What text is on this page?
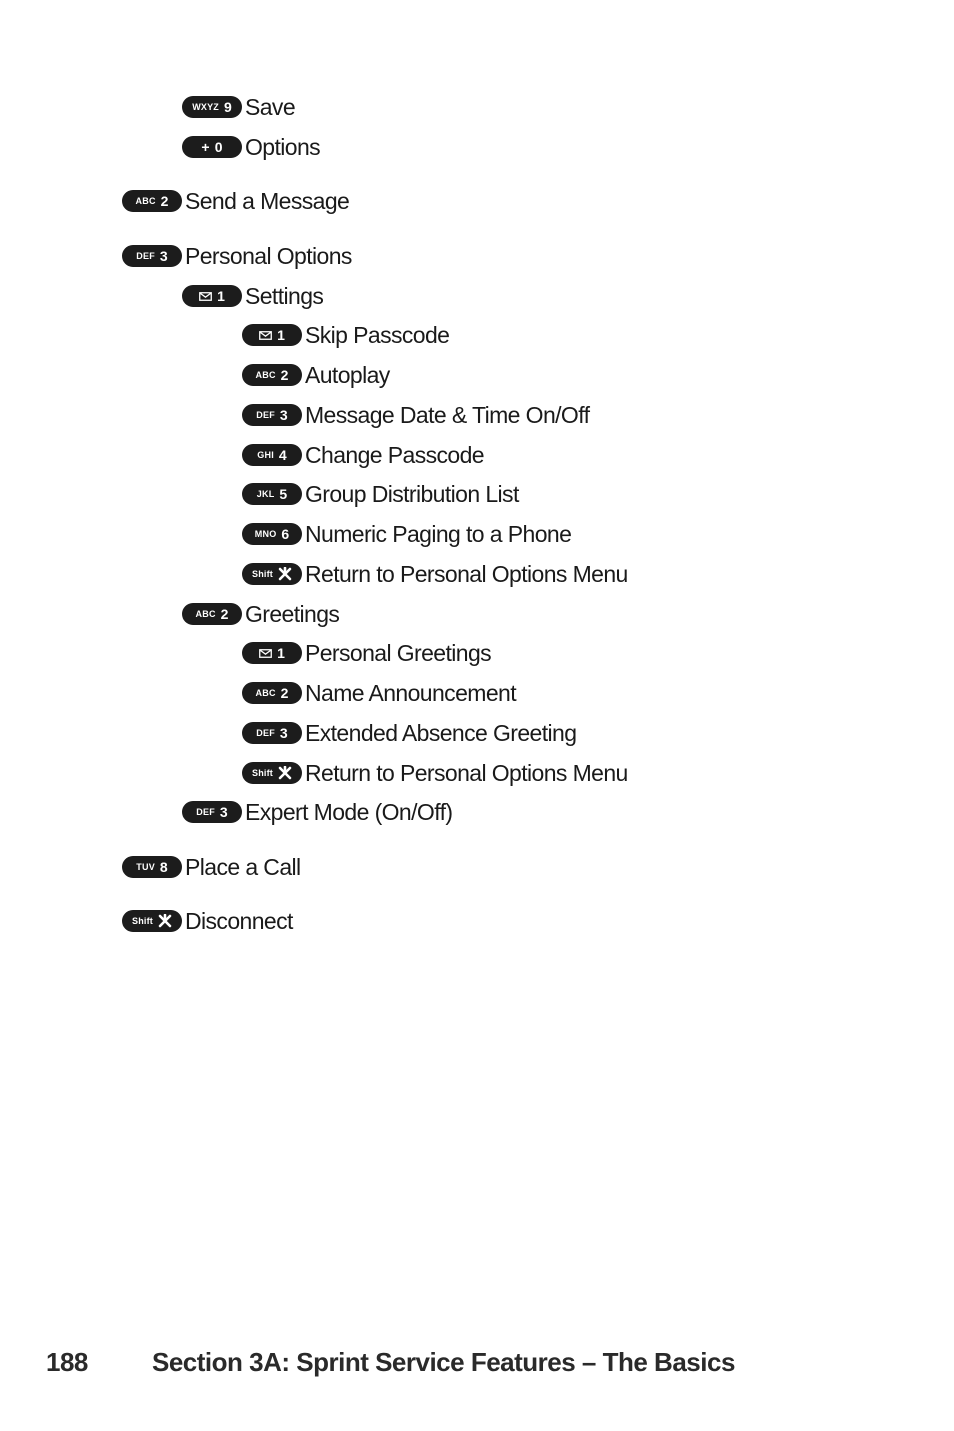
WXYZ 9 Save
+ 0 Options
ABC 2 Send a Message
DEF 3 Personal Options
1 Settings
1 Skip Passcode
ABC 2 Autoplay
DEF 3 Message Date & Time On/Off
GHI 4 Change Passcode
JKL 5 Group Distribution List
MNO 6 Numeric Paging to a Phone
Shift Return to Personal Options Menu
ABC 2 Greetings
1 Personal Greetings
ABC 2 Name Announcement
DEF 3 Extended Absence Greeting
Shift Return to Personal Options Menu
DEF 3 Expert Mode (On/Off)
TUV 8 Place a Call
Shift Disconnect
188	Section 3A: Sprint Service Features – The Basics
